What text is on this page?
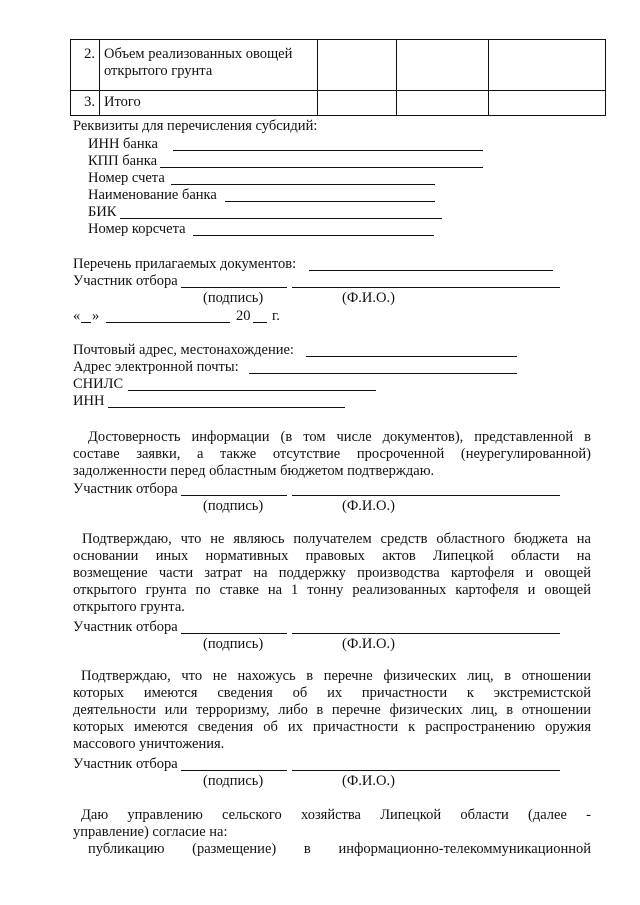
2.	Объем реализованных овощей
открытого грунта			

3.	Итого			
Реквизиты для перечисления субсидий:
ИНН банка
КПП банка
Номер счета
Наименование банка
БИК
Номер корсчета
Перечень прилагаемых документов:
Участник отбора
(подпись)	(Ф.И.О.)
« »	20 г.
Почтовый адрес, местонахождение:
Адрес электронной почты:
СНИЛС
ИНН
Достоверность информации (в том числе документов), представленной в
составе заявки, а также отсутствие просроченной (неурегулированной)
задолженности перед областным бюджетом подтверждаю.
Участник отбора
(подпись)	(Ф.И.О.)
Подтверждаю, что не являюсь получателем средств областного бюджета на
основании иных нормативных правовых актов Липецкой области на
возмещение части затрат на поддержку производства картофеля и овощей
открытого грунта по ставке на 1 тонну реализованных картофеля и овощей
открытого грунта.
Участник отбора
(подпись)	(Ф.И.О.)
Подтверждаю, что не нахожусь в перечне физических лиц, в отношении
которых имеются сведения об их причастности к экстремистской
деятельности или терроризму, либо в перечне физических лиц, в отношении
которых имеются сведения об их причастности к распространению оружия
массового уничтожения.
Участник отбора
(подпись)	(Ф.И.О.)
Даю управлению сельского хозяйства Липецкой области (далее -
управление) согласие на:
публикацию (размещение) в информационно-телекоммуникационной
